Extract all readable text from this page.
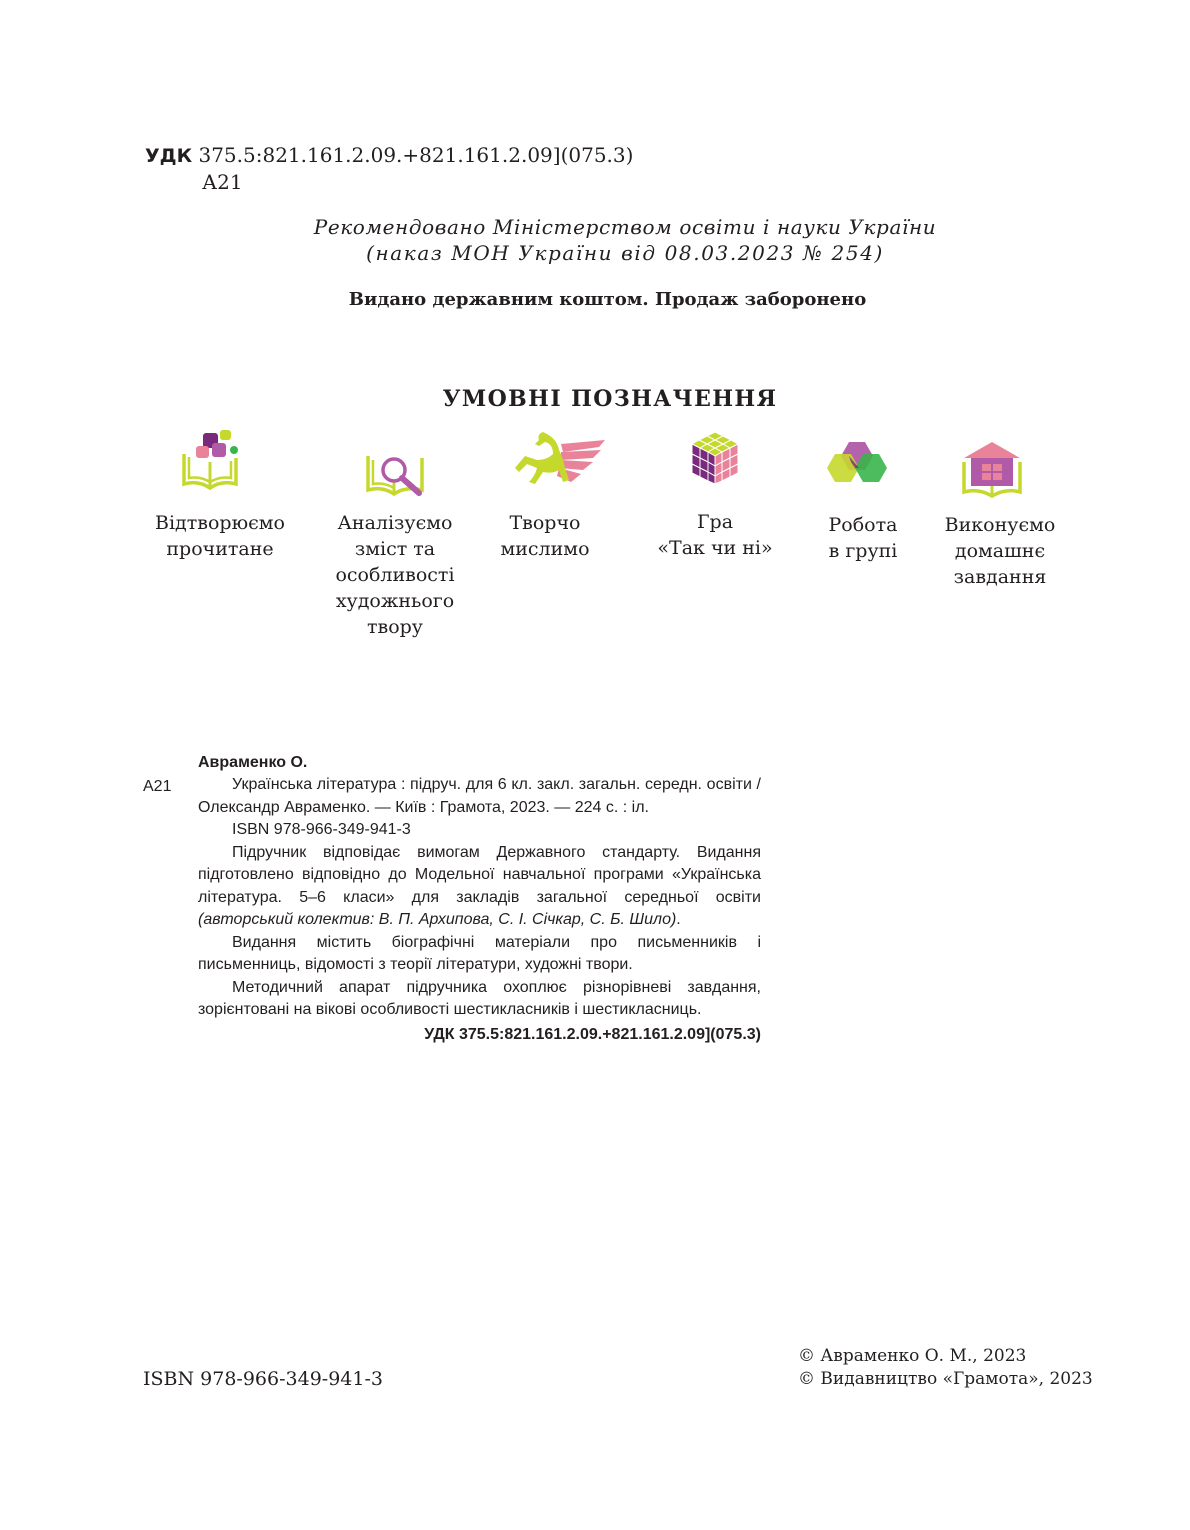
УДК 375.5:821.161.2.09.+821.161.2.09](075.3)
А21
Рекомендовано Міністерством освіти і науки України
(наказ МОН України від 08.03.2023 № 254)
Видано державним коштом. Продаж заборонено
УМОВНІ ПОЗНАЧЕННЯ
Відтворюємо
прочитане
Аналізуємо
зміст та
особливості
художнього
твору
Творчо
мислимо
Гра
«Так чи ні»
Робота
в групі
Виконуємо
домашнє
завдання
Авраменко О.
А21	Українська література : підруч. для 6 кл. закл. загальн. середн. освіти / Олександр Авраменко. — Київ : Грамота, 2023. — 224 с. : іл.
ISBN 978-966-349-941-3
Підручник відповідає вимогам Державного стандарту. Видання підготовлено відповідно до Модельної навчальної програми «Українська література. 5–6 класи» для закладів загальної середньої освіти (авторський колектив: В. П. Архипова, С. І. Січкар, С. Б. Шило).
Видання містить біографічні матеріали про письменників і письменниць, відомості з теорії літератури, художні твори.
Методичний апарат підручника охоплює різнорівневі завдання, зорієнтовані на вікові особливості шестикласників і шестикласниць.
УДК 375.5:821.161.2.09.+821.161.2.09](075.3)
ISBN 978-966-349-941-3
© Авраменко О. М., 2023
© Видавництво «Грамота», 2023
